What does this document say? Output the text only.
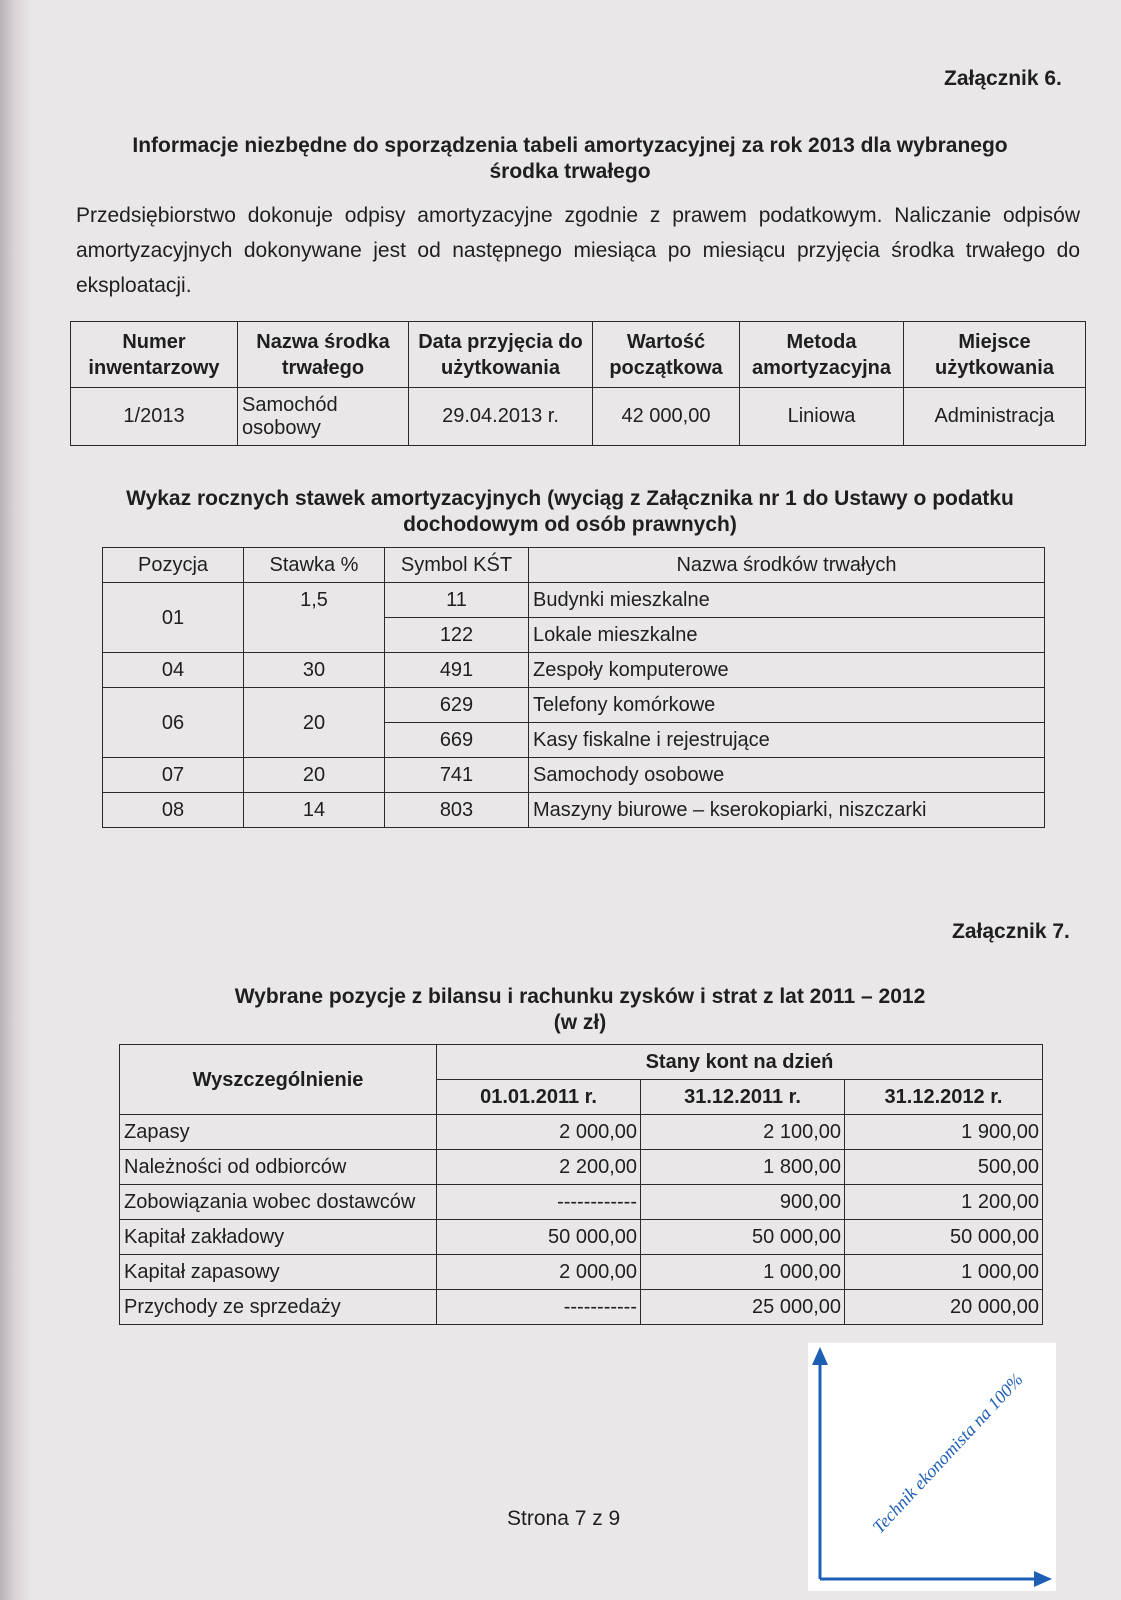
Załącznik 6.
Informacje niezbędne do sporządzenia tabeli amortyzacyjnej za rok 2013 dla wybranego
środka trwałego
Przedsiębiorstwo dokonuje odpisy amortyzacyjne zgodnie z prawem podatkowym. Naliczanie odpisów amortyzacyjnych dokonywane jest od następnego miesiąca po miesiącu przyjęcia środka trwałego do eksploatacji.
Numer inwentarzowy	Nazwa środka trwałego	Data przyjęcia do użytkowania	Wartość początkowa	Metoda amortyzacyjna	Miejsce użytkowania
1/2013	Samochód osobowy	29.04.2013 r.	42 000,00	Liniowa	Administracja
Wykaz rocznych stawek amortyzacyjnych (wyciąg z Załącznika nr 1 do Ustawy o podatku
dochodowym od osób prawnych)
Pozycja	Stawka %	Symbol KŚT	Nazwa środków trwałych
01	1,5	11	Budynki mieszkalne
		122	Lokale mieszkalne
04	30	491	Zespoły komputerowe
06	20	629	Telefony komórkowe
		669	Kasy fiskalne i rejestrujące
07	20	741	Samochody osobowe
08	14	803	Maszyny biurowe – kserokopiarki, niszczarki
Załącznik 7.
Wybrane pozycje z bilansu i rachunku zysków i strat z lat 2011 – 2012
(w zł)
Wyszczególnienie	Stany kont na dzień		
	01.01.2011 r.	31.12.2011 r.	31.12.2012 r.
Zapasy	2 000,00	2 100,00	1 900,00
Należności od odbiorców	2 200,00	1 800,00	500,00
Zobowiązania wobec dostawców	------------	900,00	1 200,00
Kapitał zakładowy	50 000,00	50 000,00	50 000,00
Kapitał zapasowy	2 000,00	1 000,00	1 000,00
Przychody ze sprzedaży	-----------	25 000,00	20 000,00
Strona 7 z 9	Technik ekonomista na 100%
